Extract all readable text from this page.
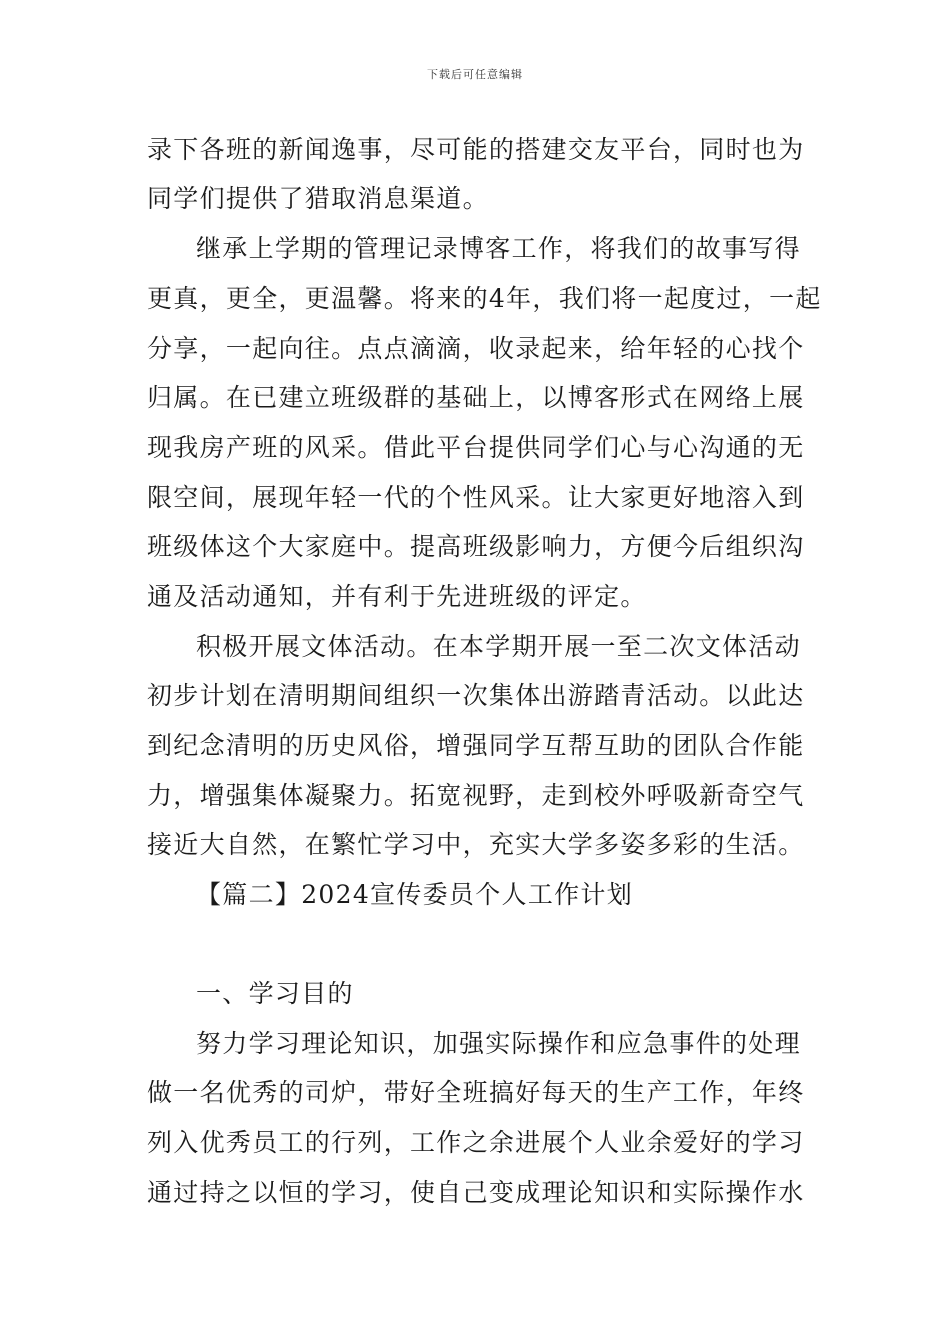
下载后可任意编辑
录下各班的新闻逸事，尽可能的搭建交友平台，同时也为
同学们提供了猎取消息渠道。
继承上学期的管理记录博客工作，将我们的故事写得
更真，更全，更温馨。将来的4年，我们将一起度过，一起
分享，一起向往。点点滴滴，收录起来，给年轻的心找个
归属。在已建立班级群的基础上，以博客形式在网络上展
现我房产班的风采。借此平台提供同学们心与心沟通的无
限空间，展现年轻一代的个性风采。让大家更好地溶入到
班级体这个大家庭中。提高班级影响力，方便今后组织沟
通及活动通知，并有利于先进班级的评定。
积极开展文体活动。在本学期开展一至二次文体活动
初步计划在清明期间组织一次集体出游踏青活动。以此达
到纪念清明的历史风俗，增强同学互帮互助的团队合作能
力，增强集体凝聚力。拓宽视野，走到校外呼吸新奇空气
接近大自然，在繁忙学习中，充实大学多姿多彩的生活。
【篇二】2024宣传委员个人工作计划
一、学习目的
努力学习理论知识，加强实际操作和应急事件的处理
做一名优秀的司炉，带好全班搞好每天的生产工作，年终
列入优秀员工的行列，工作之余进展个人业余爱好的学习
通过持之以恒的学习，使自己变成理论知识和实际操作水
